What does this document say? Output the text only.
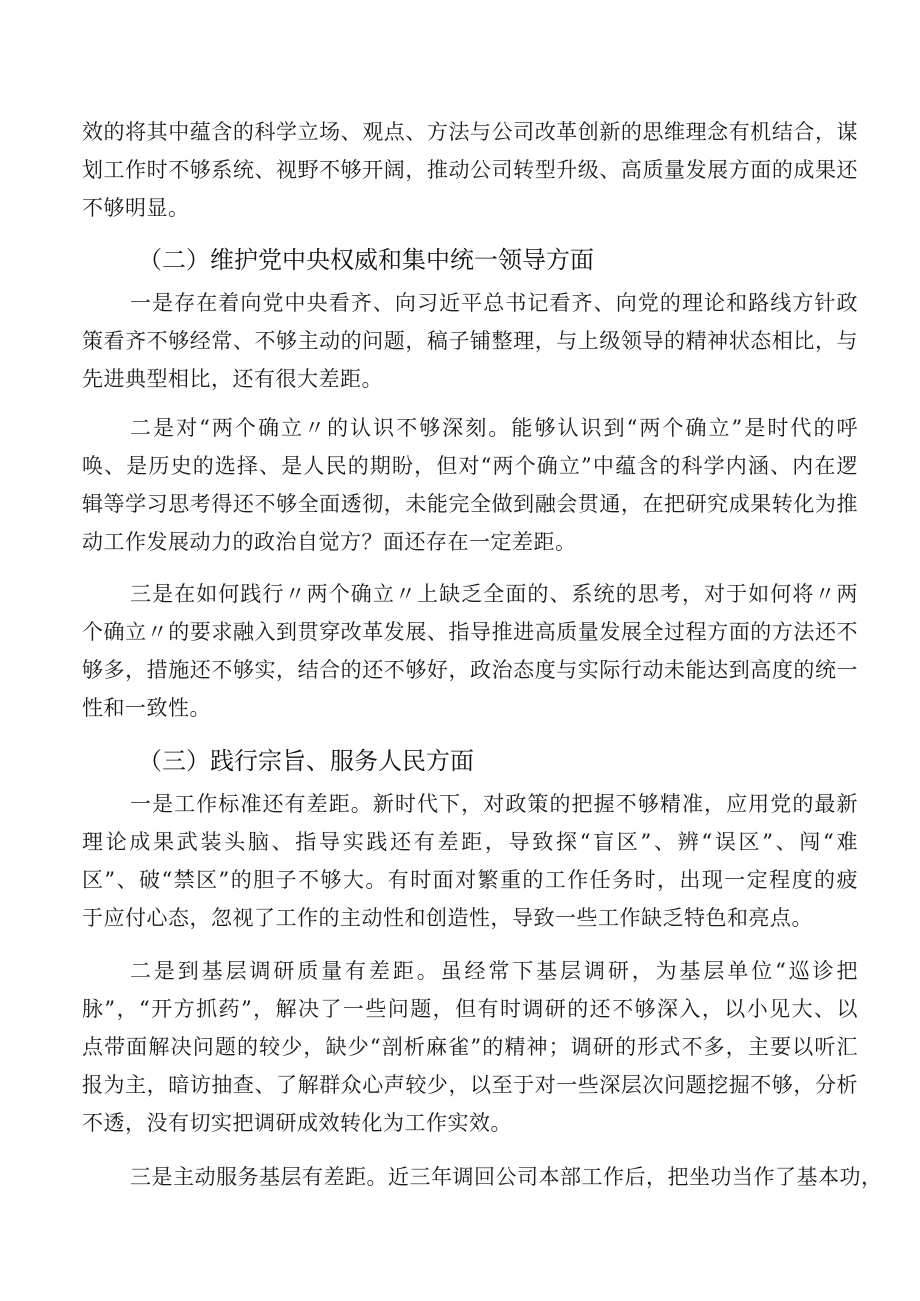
效的将其中蕴含的科学立场、观点、方法与公司改革创新的思维理念有机结合，谋
划工作时不够系统、视野不够开阔，推动公司转型升级、高质量发展方面的成果还
不够明显。
（二）维护党中央权威和集中统一领导方面
一是存在着向党中央看齐、向习近平总书记看齐、向党的理论和路线方针政
策看齐不够经常、不够主动的问题，稿子铺整理，与上级领导的精神状态相比，与
先进典型相比，还有很大差距。
二是对“两个确立〃的认识不够深刻。能够认识到“两个确立”是时代的呼
唤、是历史的选择、是人民的期盼，但对“两个确立”中蕴含的科学内涵、内在逻
辑等学习思考得还不够全面透彻，未能完全做到融会贯通，在把研究成果转化为推
动工作发展动力的政治自觉方？面还存在一定差距。
三是在如何践行〃两个确立〃上缺乏全面的、系统的思考，对于如何将〃两
个确立〃的要求融入到贯穿改革发展、指导推进高质量发展全过程方面的方法还不
够多，措施还不够实，结合的还不够好，政治态度与实际行动未能达到高度的统一
性和一致性。
（三）践行宗旨、服务人民方面
一是工作标准还有差距。新时代下，对政策的把握不够精准，应用党的最新
理论成果武装头脑、指导实践还有差距，导致探“盲区”、辨“误区”、闯“难
区”、破“禁区”的胆子不够大。有时面对繁重的工作任务时，出现一定程度的疲
于应付心态，忽视了工作的主动性和创造性，导致一些工作缺乏特色和亮点。
二是到基层调研质量有差距。虽经常下基层调研，为基层单位“巡诊把
脉”，“开方抓药”，解决了一些问题，但有时调研的还不够深入，以小见大、以
点带面解决问题的较少，缺少“剖析麻雀”的精神；调研的形式不多，主要以听汇
报为主，暗访抽查、了解群众心声较少，以至于对一些深层次问题挖掘不够，分析
不透，没有切实把调研成效转化为工作实效。
三是主动服务基层有差距。近三年调回公司本部工作后，把坐功当作了基本功，
